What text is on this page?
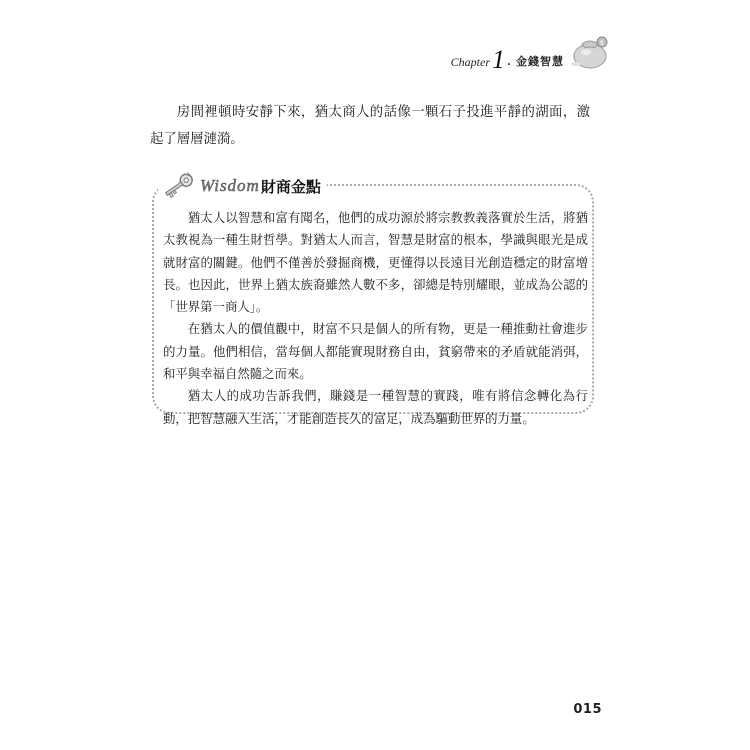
Chapter 1 . 金錢智慧
$

房間裡頓時安靜下來，猶太商人的話像一顆石子投進平靜的湖面，激起了層層漣漪。

Wisdom 財商金點

猶太人以智慧和富有聞名，他們的成功源於將宗教教義落實於生活，將猶太教視為一種生財哲學。對猶太人而言，智慧是財富的根本，學識與眼光是成就財富的關鍵。他們不僅善於發掘商機，更懂得以長遠目光創造穩定的財富增長。也因此，世界上猶太族裔雖然人數不多，卻總是特別耀眼，並成為公認的「世界第一商人」。

在猶太人的價值觀中，財富不只是個人的所有物，更是一種推動社會進步的力量。他們相信，當每個人都能實現財務自由，貧窮帶來的矛盾就能消弭，和平與幸福自然隨之而來。

猶太人的成功告訴我們，賺錢是一種智慧的實踐，唯有將信念轉化為行動，把智慧融入生活，才能創造長久的富足，成為驅動世界的力量。

015
